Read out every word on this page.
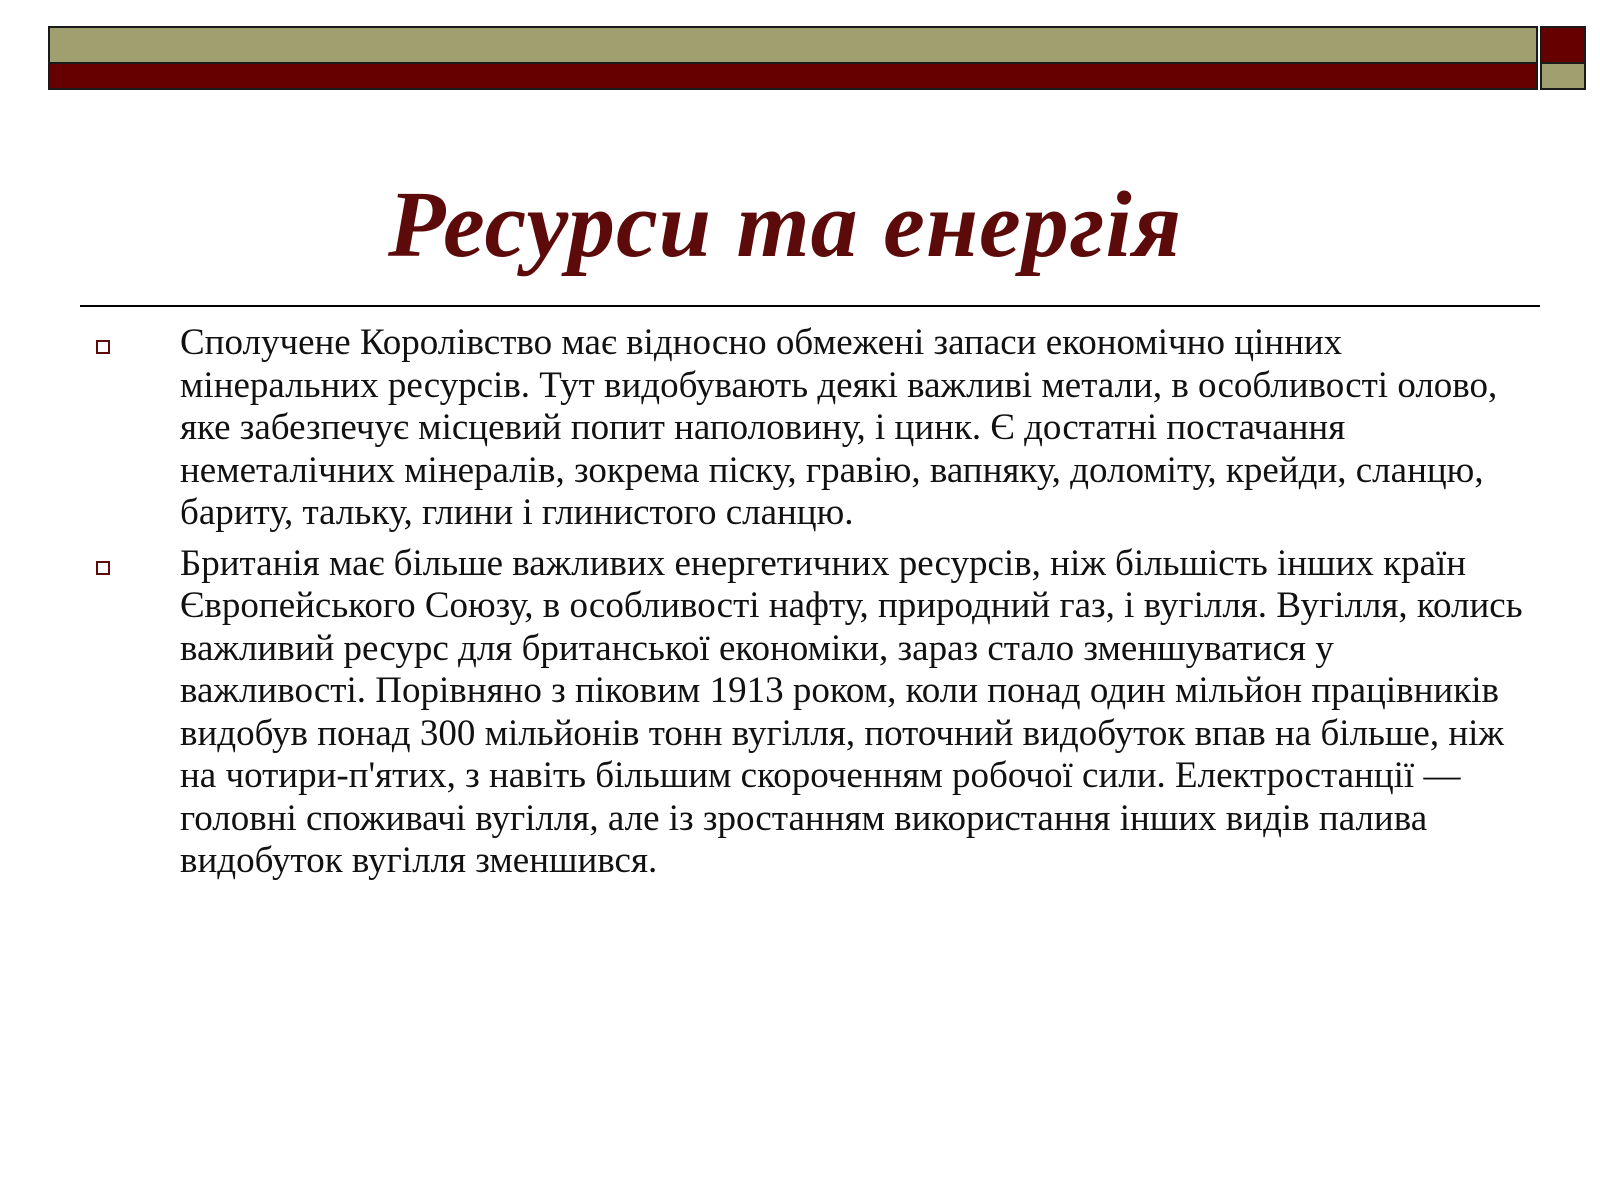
Ресурси та енергія

Сполучене Королівство має відносно обмежені запаси економічно цінних мінеральних ресурсів. Тут видобувають деякі важливі метали, в особливості олово, яке забезпечує місцевий попит наполовину, і цинк. Є достатні постачання неметалічних мінералів, зокрема піску, гравію, вапняку, доломіту, крейди, сланцю, бариту, тальку, глини і глинистого сланцю.

Британія має більше важливих енергетичних ресурсів, ніж більшість інших країн Європейського Союзу, в особливості нафту, природний газ, і вугілля. Вугілля, колись важливий ресурс для британської економіки, зараз стало зменшуватися у важливості. Порівняно з піковим 1913 роком, коли понад один мільйон працівників видобув понад 300 мільйонів тонн вугілля, поточний видобуток впав на більше, ніж на чотири-п'ятих, з навіть більшим скороченням робочої сили. Електростанції — головні споживачі вугілля, але із зростанням використання інших видів палива видобуток вугілля зменшився.
